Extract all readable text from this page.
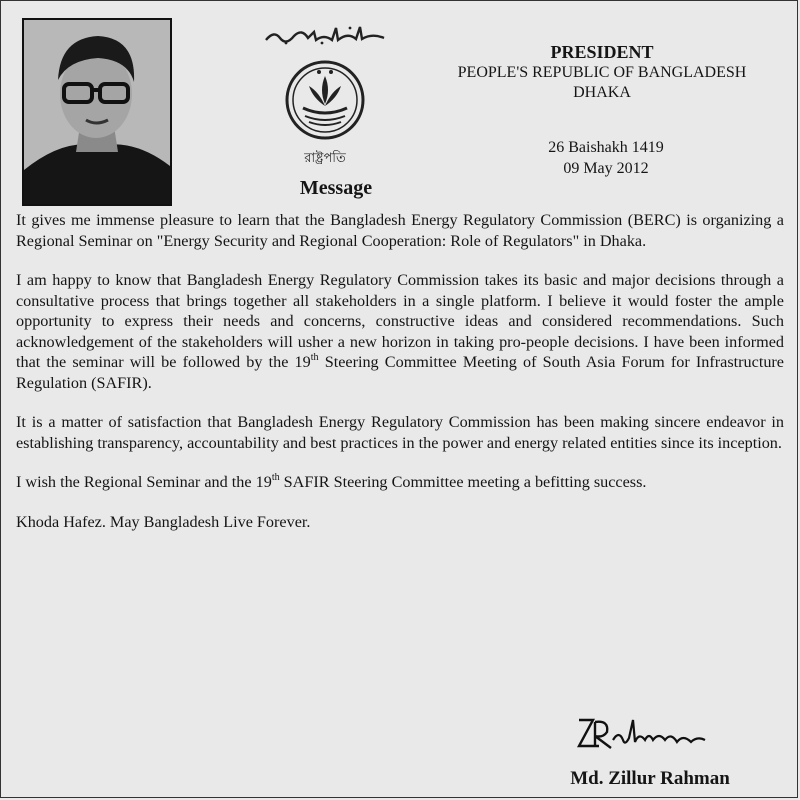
রাষ্ট্রপতি
Message
PRESIDENT
PEOPLE'S REPUBLIC OF BANGLADESH
DHAKA
26 Baishakh 1419
09 May 2012

It gives me immense pleasure to learn that the Bangladesh Energy Regulatory Commission (BERC) is organizing a Regional Seminar on "Energy Security and Regional Cooperation: Role of Regulators" in Dhaka.

I am happy to know that Bangladesh Energy Regulatory Commission takes its basic and major decisions through a consultative process that brings together all stakeholders in a single platform. I believe it would foster the ample opportunity to express their needs and concerns, constructive ideas and considered recommendations. Such acknowledgement of the stakeholders will usher a new horizon in taking pro-people decisions. I have been informed that the seminar will be followed by the 19th Steering Committee Meeting of South Asia Forum for Infrastructure Regulation (SAFIR).

It is a matter of satisfaction that Bangladesh Energy Regulatory Commission has been making sincere endeavor in establishing transparency, accountability and best practices in the power and energy related entities since its inception.

I wish the Regional Seminar and the 19th SAFIR Steering Committee meeting a befitting success.

Khoda Hafez. May Bangladesh Live Forever.

Md. Zillur Rahman
